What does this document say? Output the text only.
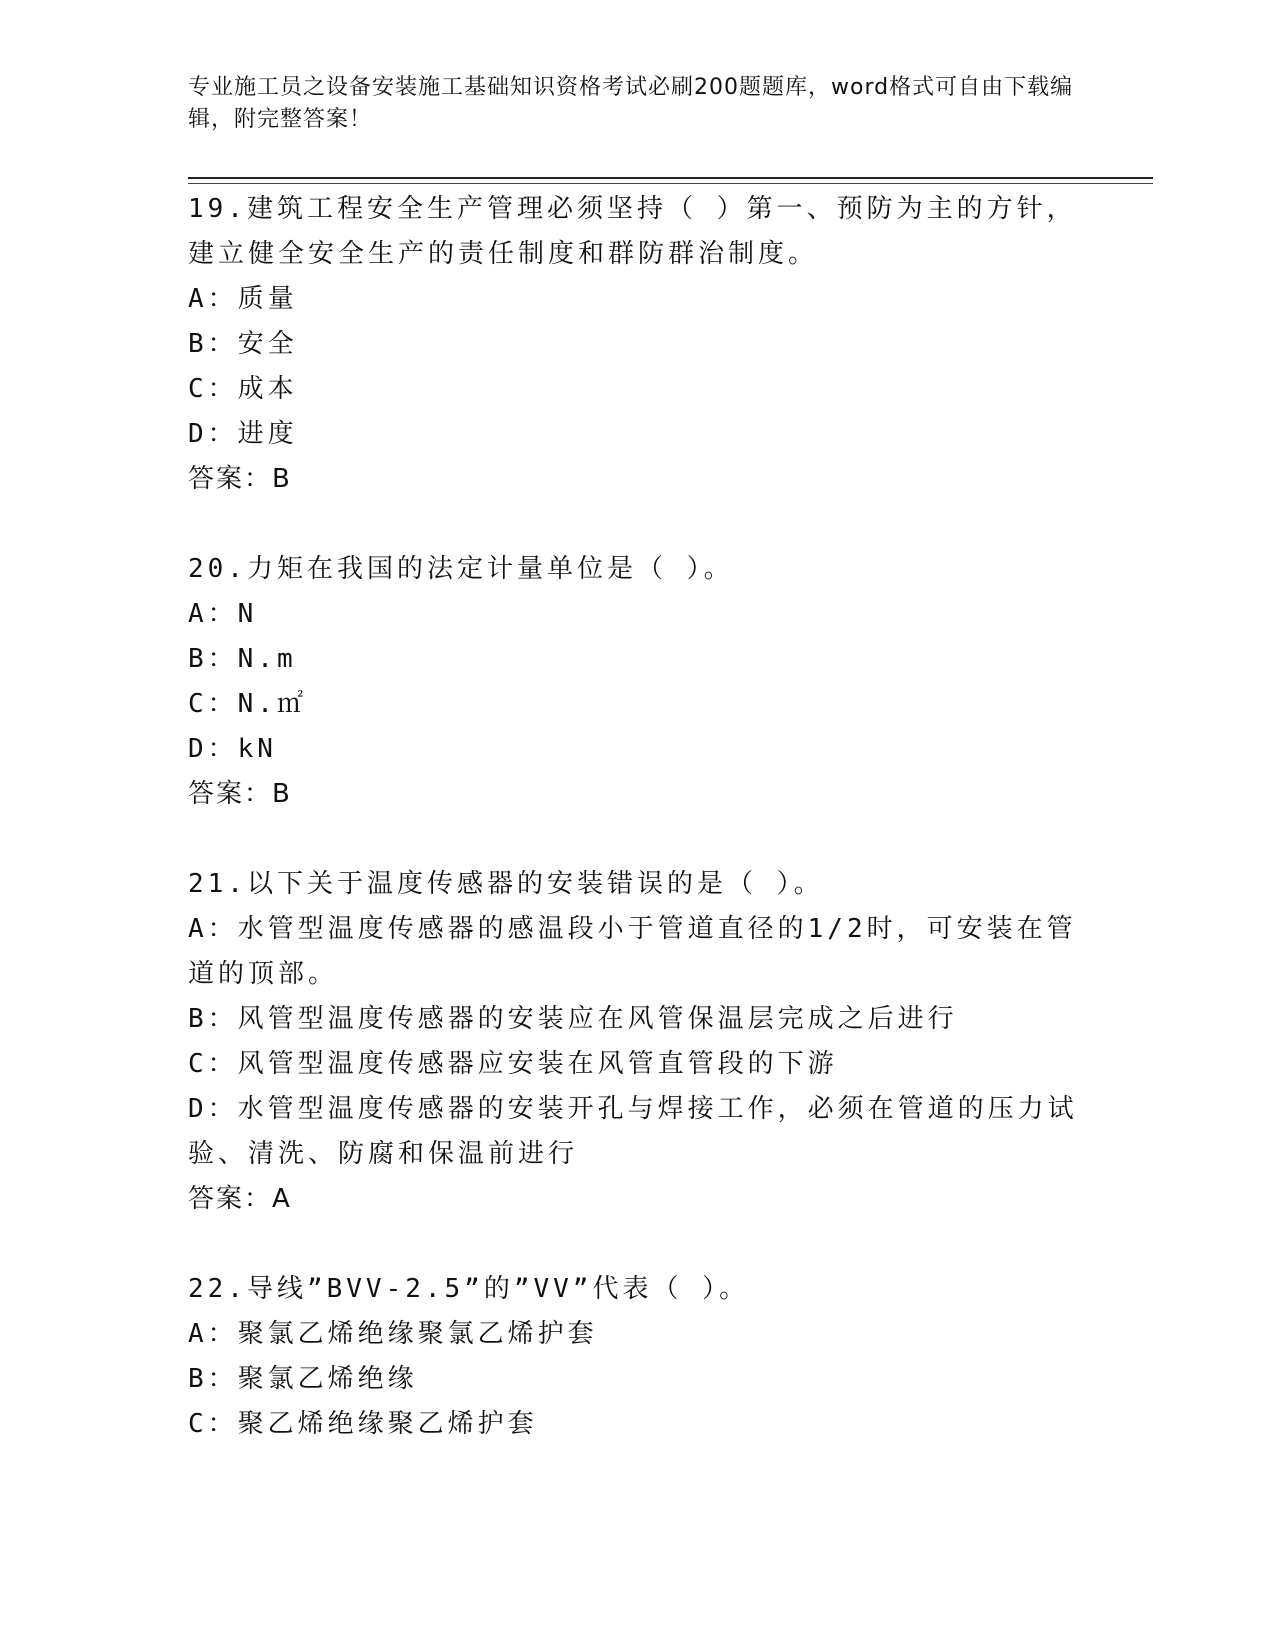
专业施工员之设备安装施工基础知识资格考试必刷200题题库，word格式可自由下载编辑，附完整答案！
19.建筑工程安全生产管理必须坚持（ ）第一、预防为主的方针，建立健全安全生产的责任制度和群防群治制度。
A：质量
B：安全
C：成本
D：进度
答案：B
20.力矩在我国的法定计量单位是（ ）。
A：N
B：N.m
C：N.㎡
D：kN
答案：B
21.以下关于温度传感器的安装错误的是（ ）。
A：水管型温度传感器的感温段小于管道直径的1/2时，可安装在管道的顶部。
B：风管型温度传感器的安装应在风管保温层完成之后进行
C：风管型温度传感器应安装在风管直管段的下游
D：水管型温度传感器的安装开孔与焊接工作，必须在管道的压力试验、清洗、防腐和保温前进行
答案：A
22.导线”BVV-2.5”的”VV”代表（ ）。
A：聚氯乙烯绝缘聚氯乙烯护套
B：聚氯乙烯绝缘
C：聚乙烯绝缘聚乙烯护套
